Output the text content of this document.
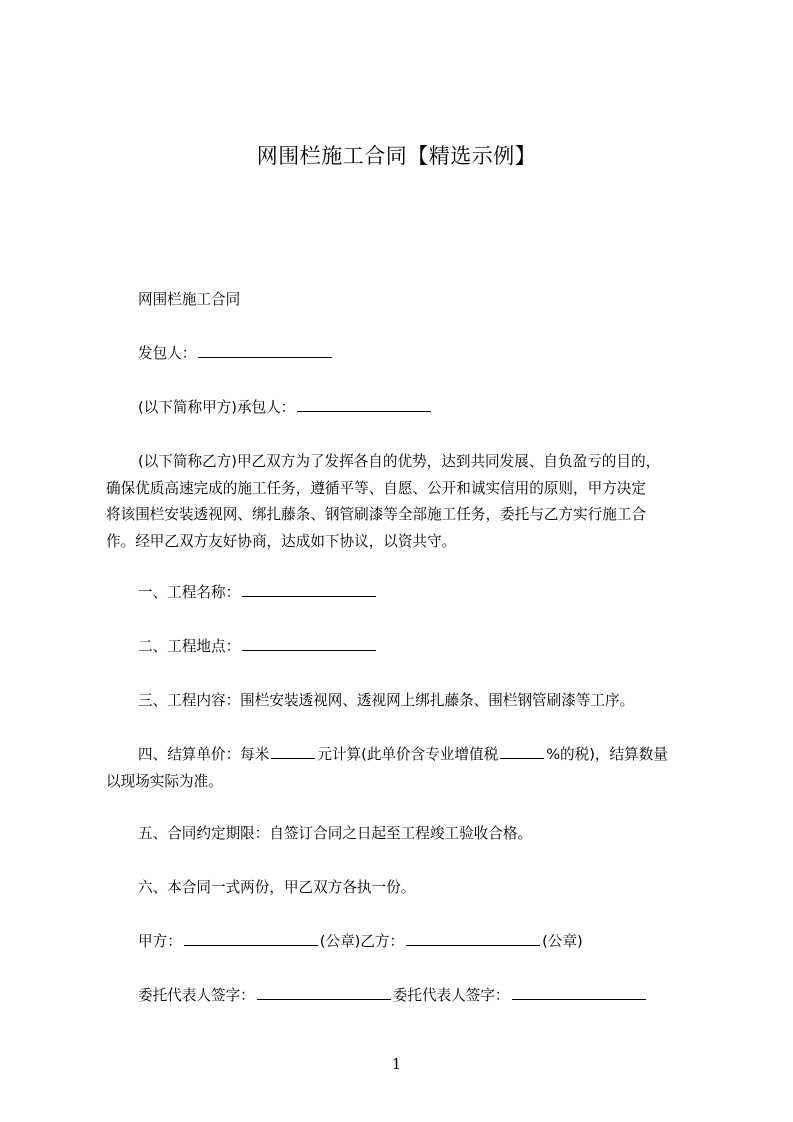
网围栏施工合同【精选示例】
网围栏施工合同
发包人：
(以下简称甲方)承包人：
(以下简称乙方)甲乙双方为了发挥各自的优势，达到共同发展、自负盈亏的目的，
确保优质高速完成的施工任务，遵循平等、自愿、公开和诚实信用的原则，甲方决定
将该围栏安装透视网、绑扎藤条、钢管刷漆等全部施工任务，委托与乙方实行施工合
作。经甲乙双方友好协商，达成如下协议，以资共守。
一、工程名称：
二、工程地点：
三、工程内容：围栏安装透视网、透视网上绑扎藤条、围栏钢管刷漆等工序。
四、结算单价：每米	元计算(此单价含专业增值税	%的税)，结算数量
以现场实际为准。
五、合同约定期限：自签订合同之日起至工程竣工验收合格。
六、本合同一式两份，甲乙双方各执一份。
甲方：	(公章)乙方：	(公章)
委托代表人签字：	委托代表人签字：
1
